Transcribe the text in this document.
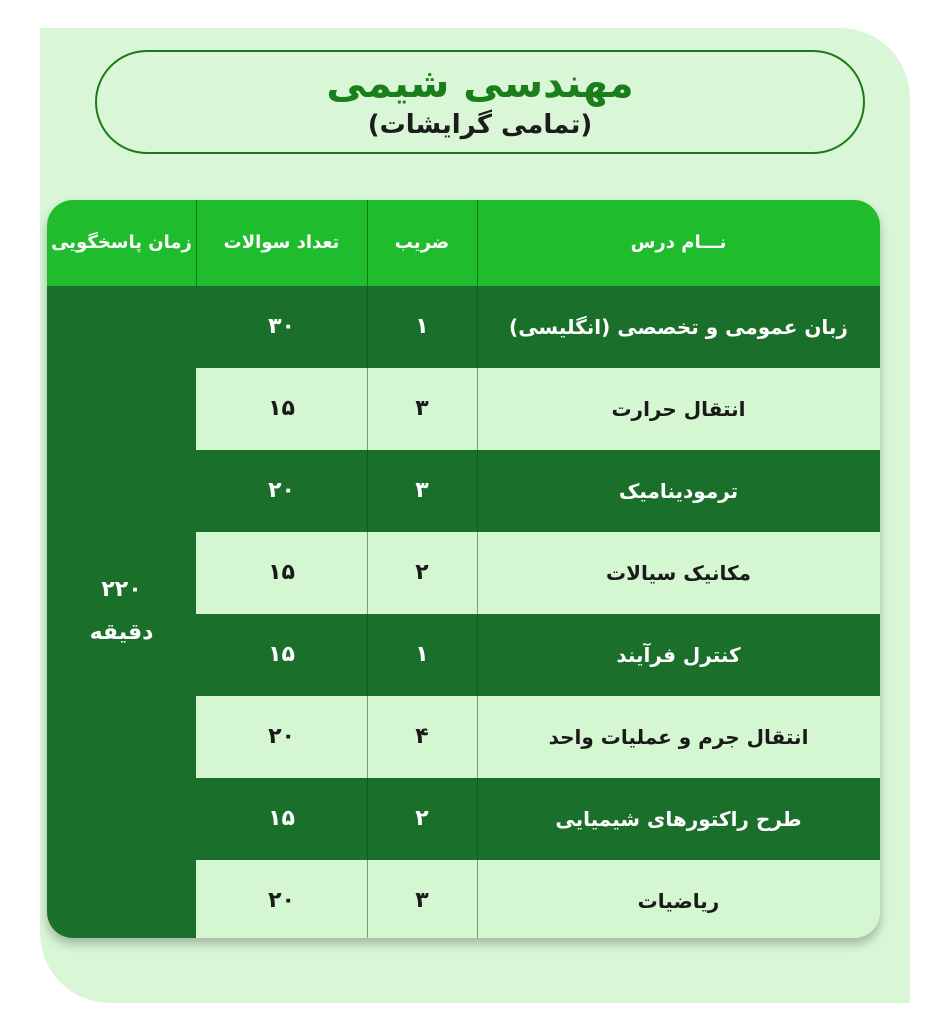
مهندسی شیمی
(تمامی گرایشات)
زمان پاسخگویی	تعداد سوالات	ضریب	نـــام درس
۲۲۰
دقیقه
۳۰	۱	زبان عمومی و تخصصی (انگلیسی)
۱۵	۳	انتقال حرارت
۲۰	۳	ترمودینامیک
۱۵	۲	مکانیک سیالات
۱۵	۱	کنترل فرآیند
۲۰	۴	انتقال جرم و عملیات واحد
۱۵	۲	طرح راکتورهای شیمیایی
۲۰	۳	ریاضیات
